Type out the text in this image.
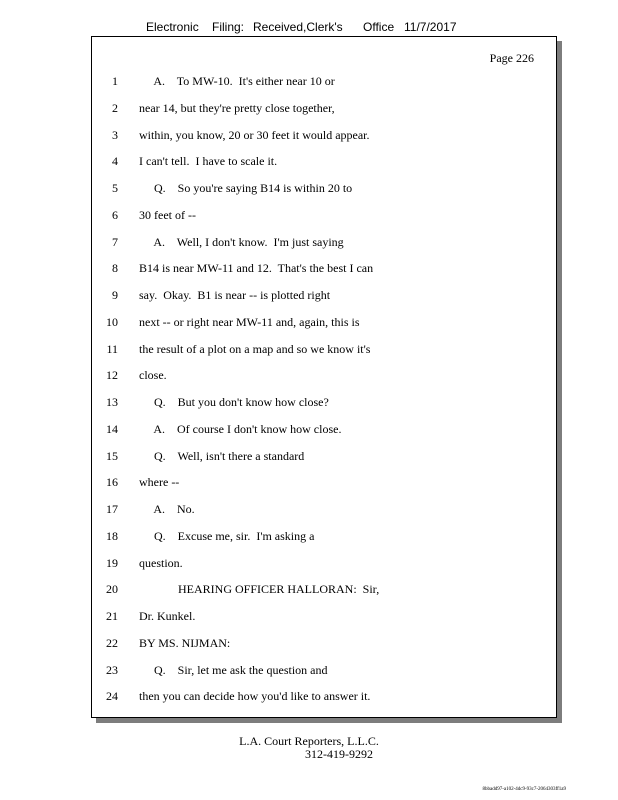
Electronic Filing: Received,Clerk's Office 11/7/2017
Page 226
1 A.    To MW-10.  It's either near 10 or
2 near 14, but they're pretty close together,
3 within, you know, 20 or 30 feet it would appear.
4 I can't tell.  I have to scale it.
5 Q.    So you're saying B14 is within 20 to
6 30 feet of --
7 A.    Well, I don't know.  I'm just saying
8 B14 is near MW-11 and 12.  That's the best I can
9 say.  Okay.  B1 is near -- is plotted right
10 next -- or right near MW-11 and, again, this is
11 the result of a plot on a map and so we know it's
12 close.
13 Q.    But you don't know how close?
14 A.    Of course I don't know how close.
15 Q.    Well, isn't there a standard
16 where --
17 A.    No.
18 Q.    Excuse me, sir.  I'm asking a
19 question.
20 HEARING OFFICER HALLORAN:  Sir,
21 Dr. Kunkel.
22 BY MS. NIJMAN:
23 Q.    Sir, let me ask the question and
24 then you can decide how you'd like to answer it.
L.A. Court Reporters, L.L.C.
312-419-9292
8bbadd97-a102-4dc9-93c7-2064303ff1a9
